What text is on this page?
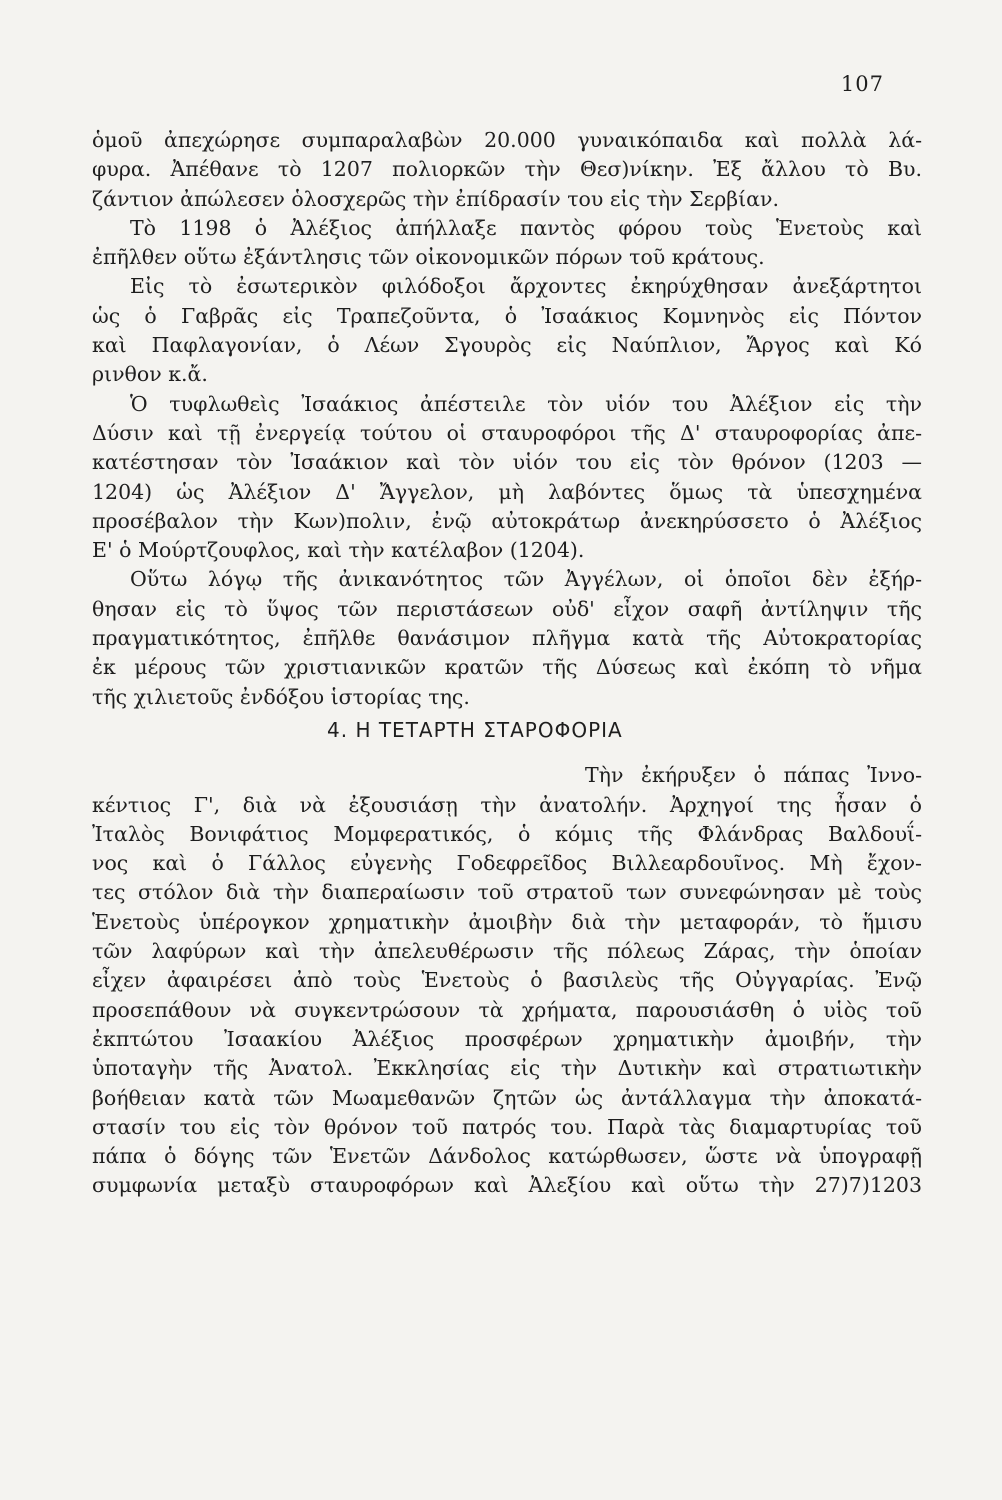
107
ὁμοῦ ἀπεχώρησε συμπαραλαβὼν 20.000 γυναικόπαιδα καὶ πολλὰ λά-
φυρα. Ἀπέθανε τὸ 1207 πολιορκῶν τὴν Θεσ)νίκην. Ἐξ ἄλλου τὸ Βυ.
ζάντιον ἀπώλεσεν ὁλοσχερῶς τὴν ἐπίδρασίν του εἰς τὴν Σερβίαν.
Τὸ 1198 ὁ Ἀλέξιος ἀπήλλαξε παντὸς φόρου τοὺς Ἑνετοὺς καὶ
ἐπῆλθεν οὕτω ἐξάντλησις τῶν οἰκονομικῶν πόρων τοῦ κράτους.
Εἰς τὸ ἐσωτερικὸν φιλόδοξοι ἄρχοντες ἐκηρύχθησαν ἀνεξάρτητοι
ὡς ὁ Γαβρᾶς εἰς Τραπεζοῦντα, ὁ Ἰσαάκιος Κομνηνὸς εἰς Πόντον
καὶ Παφλαγονίαν, ὁ Λέων Σγουρὸς εἰς Ναύπλιον, Ἄργος καὶ Κό
ρινθον κ.ἄ.
Ὁ τυφλωθεὶς Ἰσαάκιος ἀπέστειλε τὸν υἱόν του Ἀλέξιον εἰς τὴν
Δύσιν καὶ τῇ ἐνεργείᾳ τούτου οἱ σταυροφόροι τῆς Δ' σταυροφορίας ἀπε-
κατέστησαν τὸν Ἰσαάκιον καὶ τὸν υἱόν του εἰς τὸν θρόνον (1203 —
1204) ὡς Ἀλέξιον Δ' Ἄγγελον, μὴ λαβόντες ὅμως τὰ ὑπεσχημένα
προσέβαλον τὴν Κων)πολιν, ἐνῷ αὐτοκράτωρ ἀνεκηρύσσετο ὁ Ἀλέξιος
Ε' ὁ Μούρτζουφλος, καὶ τὴν κατέλαβον (1204).
Οὕτω λόγῳ τῆς ἀνικανότητος τῶν Ἀγγέλων, οἱ ὁποῖοι δὲν ἐξήρ-
θησαν εἰς τὸ ὕψος τῶν περιστάσεων οὐδ' εἶχον σαφῆ ἀντίληψιν τῆς
πραγματικότητος, ἐπῆλθε θανάσιμον πλῆγμα κατὰ τῆς Αὐτοκρατορίας
ἐκ μέρους τῶν χριστιανικῶν κρατῶν τῆς Δύσεως καὶ ἐκόπη τὸ νῆμα
τῆς χιλιετοῦς ἐνδόξου ἱστορίας της.
4. Η ΤΕΤΑΡΤΗ ΣΤΑΡΟΦΟΡΙΑ
Τὴν ἐκήρυξεν ὁ πάπας Ἰννο-
κέντιος Γ', διὰ νὰ ἐξουσιάσῃ τὴν ἀνατολήν. Ἀρχηγοί της ἦσαν ὁ
Ἰταλὸς Βονιφάτιος Μομφερατικός, ὁ κόμις τῆς Φλάνδρας Βαλδουΐ-
νος καὶ ὁ Γάλλος εὐγενὴς Γοδεφρεῖδος Βιλλεαρδουῖνος. Μὴ ἔχον-
τες στόλον διὰ τὴν διαπεραίωσιν τοῦ στρατοῦ των συνεφώνησαν μὲ τοὺς
Ἑνετοὺς ὑπέρογκον χρηματικὴν ἀμοιβὴν διὰ τὴν μεταφοράν, τὸ ἥμισυ
τῶν λαφύρων καὶ τὴν ἀπελευθέρωσιν τῆς πόλεως Ζάρας, τὴν ὁποίαν
εἶχεν ἀφαιρέσει ἀπὸ τοὺς Ἑνετοὺς ὁ βασιλεὺς τῆς Οὐγγαρίας. Ἐνῷ
προσεπάθουν νὰ συγκεντρώσουν τὰ χρήματα, παρουσιάσθη ὁ υἱὸς τοῦ
ἐκπτώτου Ἰσαακίου Ἀλέξιος προσφέρων χρηματικὴν ἀμοιβήν, τὴν
ὑποταγὴν τῆς Ἀνατολ. Ἐκκλησίας εἰς τὴν Δυτικὴν καὶ στρατιωτικὴν
βοήθειαν κατὰ τῶν Μωαμεθανῶν ζητῶν ὡς ἀντάλλαγμα τὴν ἀποκατά-
στασίν του εἰς τὸν θρόνον τοῦ πατρός του. Παρὰ τὰς διαμαρτυρίας τοῦ
πάπα ὁ δόγης τῶν Ἑνετῶν Δάνδολος κατώρθωσεν, ὥστε νὰ ὑπογραφῇ
συμφωνία μεταξὺ σταυροφόρων καὶ Ἀλεξίου καὶ οὕτω τὴν 27)7)1203
